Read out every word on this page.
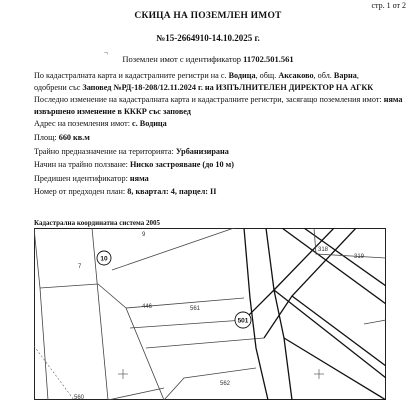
стр. 1 от 2
СКИЦА НА ПОЗЕМЛЕН ИМОТ
№15-2664910-14.10.2025 г.
¬
Поземлен имот с идентификатор 11702.501.561

По кадастралната карта и кадастралните регистри на с. Водица, общ. Аксаково, обл. Варна,

одобрени със Заповед №РД-18-208/12.11.2024 г. на ИЗПЪЛНИТЕЛЕН ДИРЕКТОР НА АГКК

Последно изменение на кадастралната карта и кадастралните регистри, засягащо поземления имот: няма извършено изменение в КККР със заповед

Адрес на поземления имот: с. Водица

Площ: 660 кв.м

Трайно предназначение на територията: Урбанизирана

Начин на трайно ползване: Ниско застрояване (до 10 м)

Предишен идентификатор: няма

Номер от предходен план: 8, квартал: 4, парцел: II

Кадастрална координатна система 2005
9
7
318
319
446	561
562
560
10
501
